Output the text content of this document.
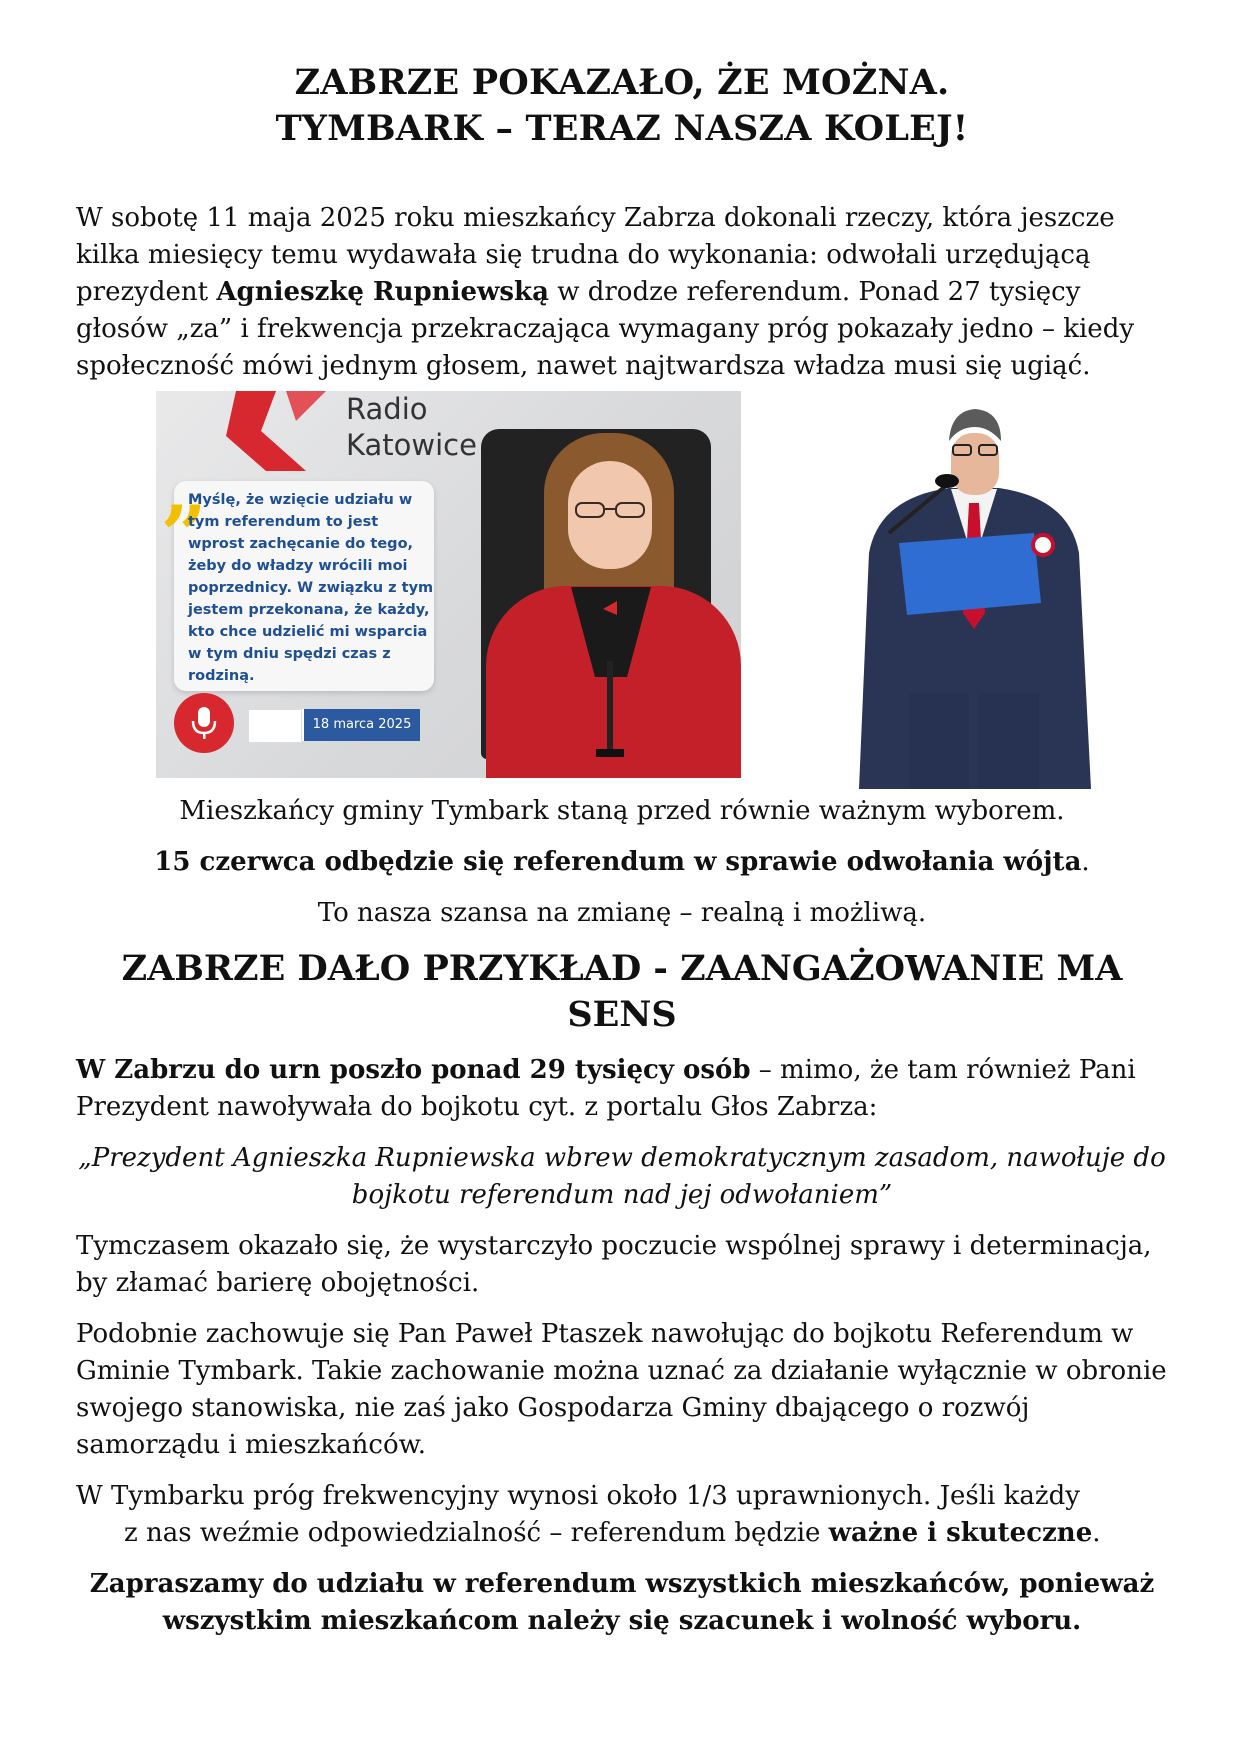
ZABRZE POKAZAŁO, ŻE MOŻNA.
TYMBARK – TERAZ NASZA KOLEJ!

W sobotę 11 maja 2025 roku mieszkańcy Zabrza dokonali rzeczy, która jeszcze kilka miesięcy temu wydawała się trudna do wykonania: odwołali urzędującą prezydent Agnieszkę Rupniewską w drodze referendum. Ponad 27 tysięcy głosów „za” i frekwencja przekraczająca wymagany próg pokazały jedno – kiedy społeczność mówi jednym głosem, nawet najtwardsza władza musi się ugiąć.

Radio
Katowice
„
Myślę, że wzięcie udziału w tym referendum to jest wprost zachęcanie do tego, żeby do władzy wrócili moi poprzednicy. W związku z tym jestem przekonana, że każdy, kto chce udzielić mi wsparcia w tym dniu spędzi czas z rodziną.
18 marca 2025

Mieszkańcy gminy Tymbark staną przed równie ważnym wyborem.

15 czerwca odbędzie się referendum w sprawie odwołania wójta.

To nasza szansa na zmianę – realną i możliwą.

ZABRZE DAŁO PRZYKŁAD - ZAANGAŻOWANIE MA SENS

W Zabrzu do urn poszło ponad 29 tysięcy osób – mimo, że tam również Pani Prezydent nawoływała do bojkotu cyt. z portalu Głos Zabrza:

„Prezydent Agnieszka Rupniewska wbrew demokratycznym zasadom, nawołuje do bojkotu referendum nad jej odwołaniem”

Tymczasem okazało się, że wystarczyło poczucie wspólnej sprawy i determinacja, by złamać barierę obojętności.

Podobnie zachowuje się Pan Paweł Ptaszek nawołując do bojkotu Referendum w Gminie Tymbark. Takie zachowanie można uznać za działanie wyłącznie w obronie swojego stanowiska, nie zaś jako Gospodarza Gminy dbającego o rozwój samorządu i mieszkańców.

W Tymbarku próg frekwencyjny wynosi około 1/3 uprawnionych. Jeśli każdy
z nas weźmie odpowiedzialność – referendum będzie ważne i skuteczne.

Zapraszamy do udziału w referendum wszystkich mieszkańców, ponieważ wszystkim mieszkańcom należy się szacunek i wolność wyboru.
